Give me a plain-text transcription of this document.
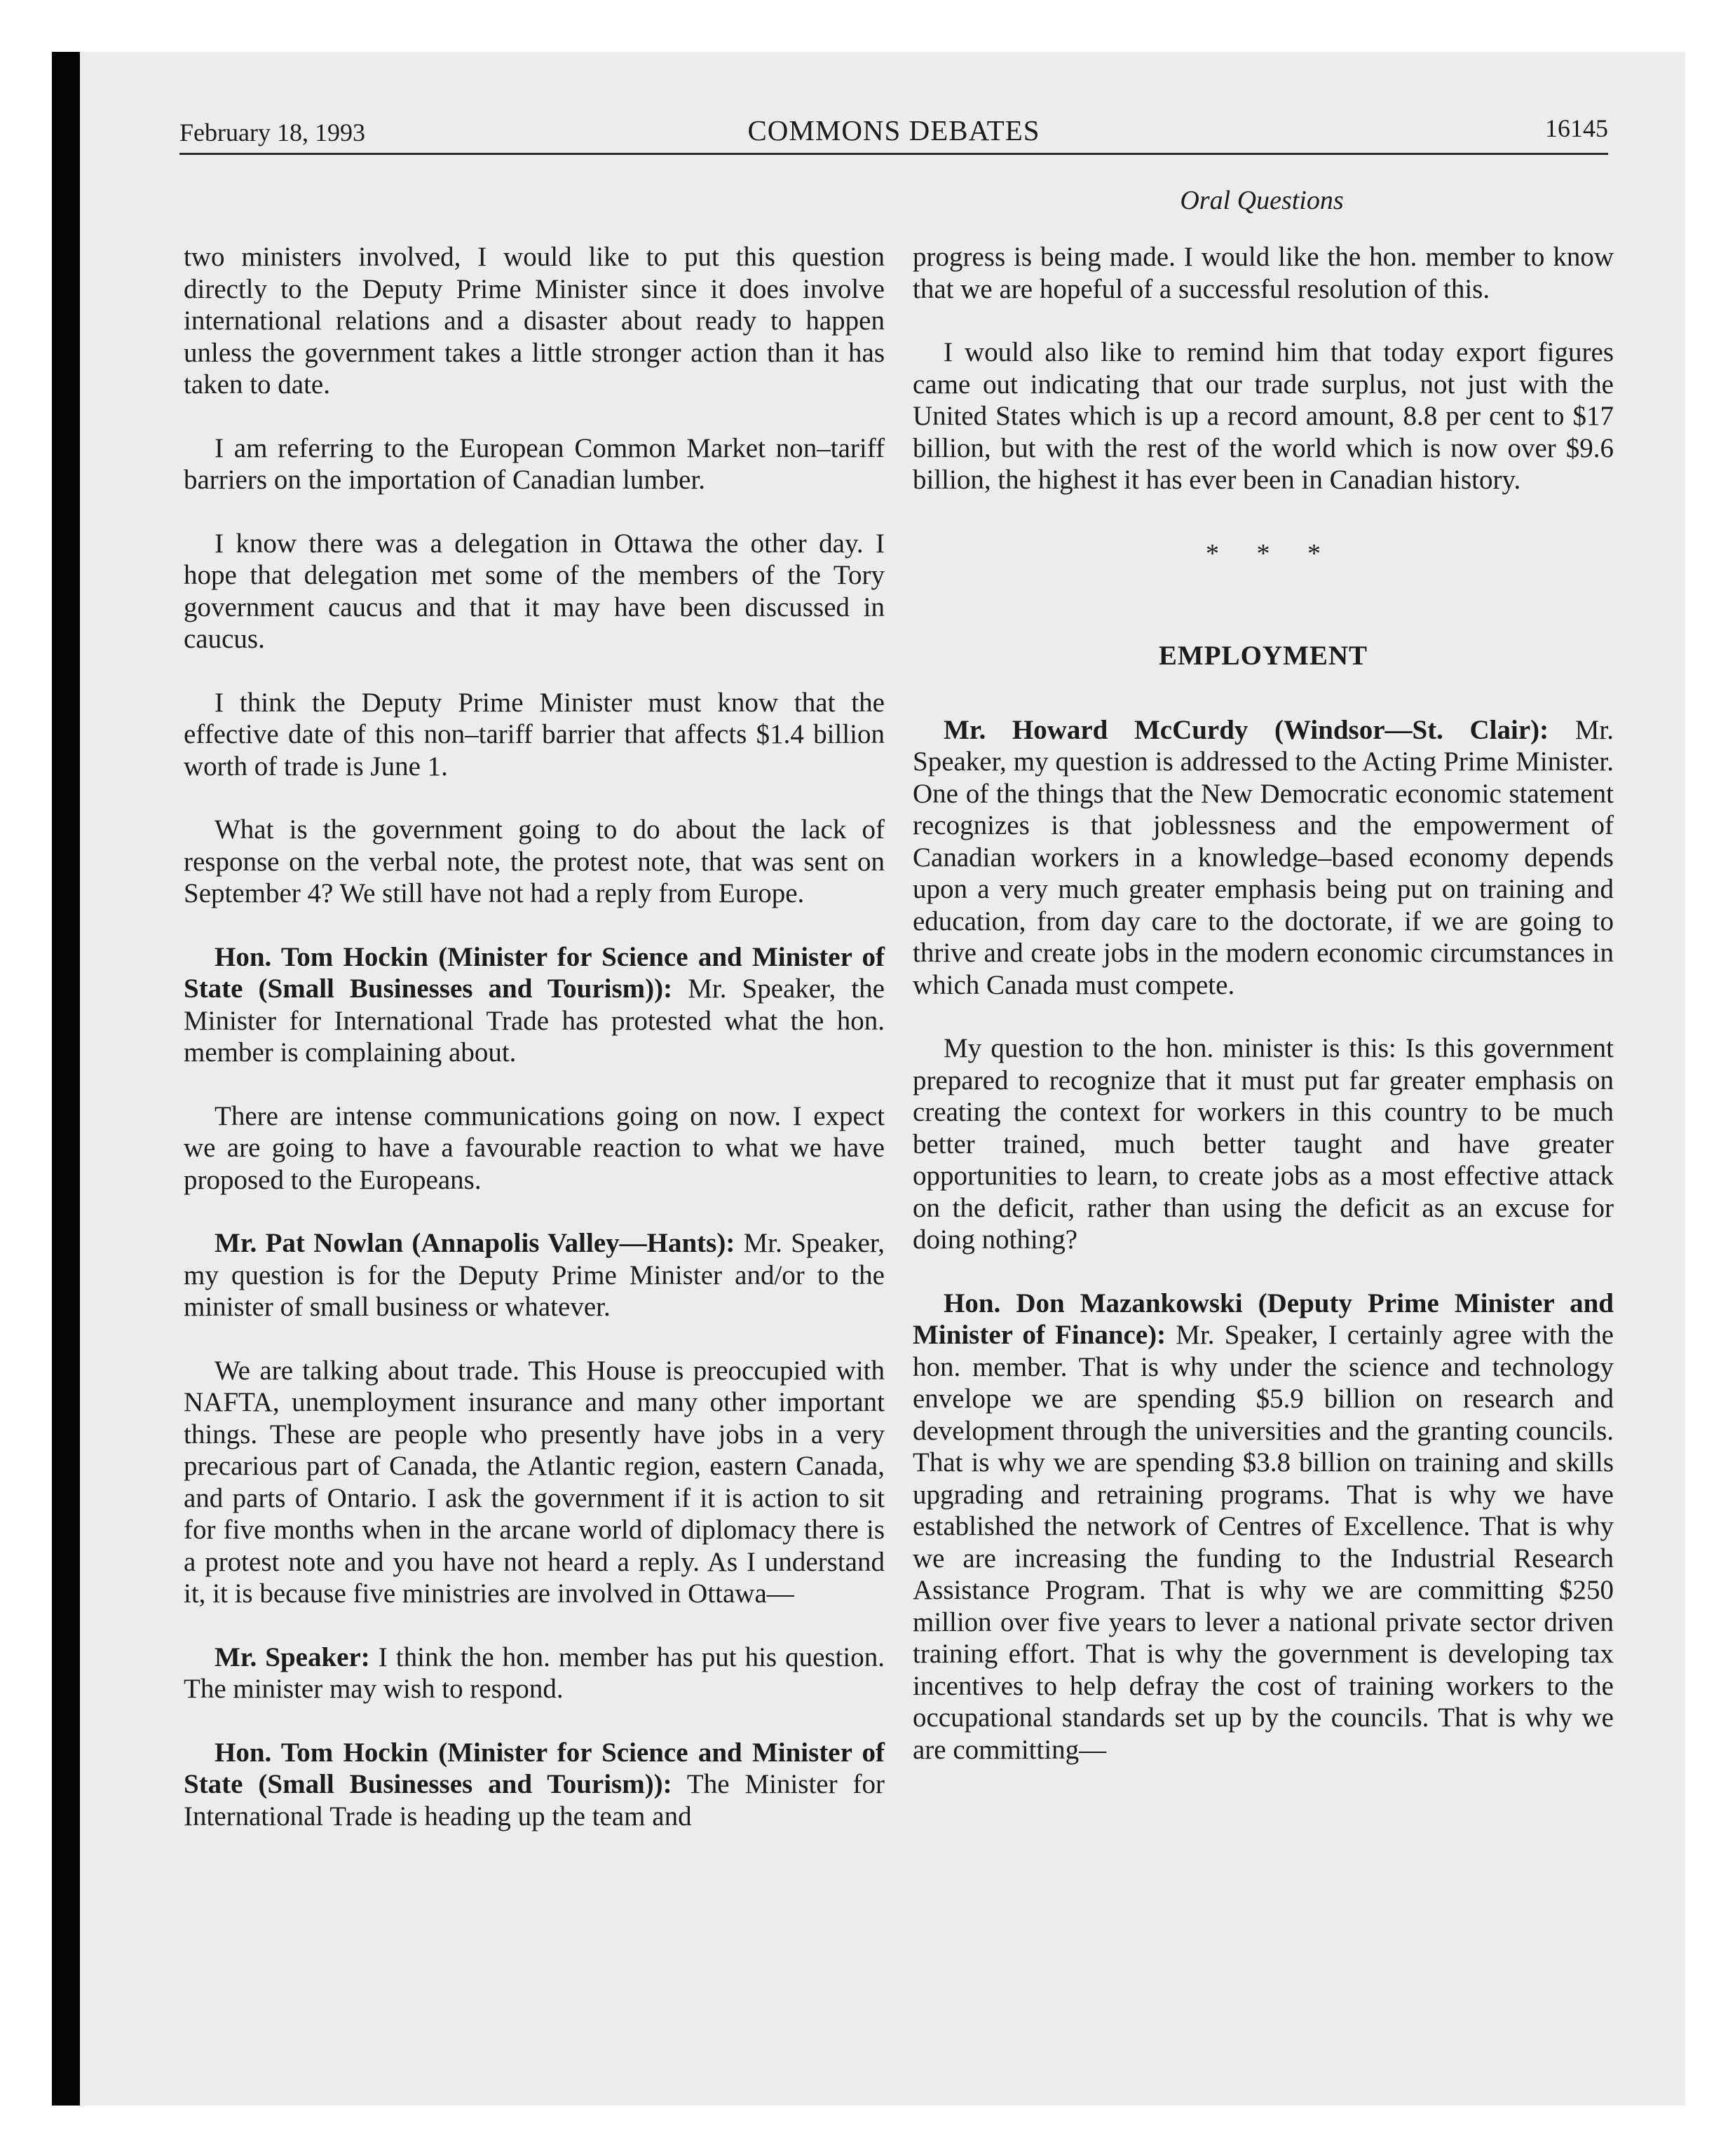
February 18, 1993	COMMONS DEBATES	16145
Oral Questions

two ministers involved, I would like to put this question directly to the Deputy Prime Minister since it does involve international relations and a disaster about ready to happen unless the government takes a little stronger action than it has taken to date.

I am referring to the European Common Market non–tariff barriers on the importation of Canadian lumber.

I know there was a delegation in Ottawa the other day. I hope that delegation met some of the members of the Tory government caucus and that it may have been discussed in caucus.

I think the Deputy Prime Minister must know that the effective date of this non–tariff barrier that affects $1.4 billion worth of trade is June 1.

What is the government going to do about the lack of response on the verbal note, the protest note, that was sent on September 4? We still have not had a reply from Europe.

Hon. Tom Hockin (Minister for Science and Minister of State (Small Businesses and Tourism)): Mr. Speaker, the Minister for International Trade has protested what the hon. member is complaining about.

There are intense communications going on now. I expect we are going to have a favourable reaction to what we have proposed to the Europeans.

Mr. Pat Nowlan (Annapolis Valley—Hants): Mr. Speaker, my question is for the Deputy Prime Minister and/or to the minister of small business or whatever.

We are talking about trade. This House is preoccupied with NAFTA, unemployment insurance and many other important things. These are people who presently have jobs in a very precarious part of Canada, the Atlantic region, eastern Canada, and parts of Ontario. I ask the government if it is action to sit for five months when in the arcane world of diplomacy there is a protest note and you have not heard a reply. As I understand it, it is because five ministries are involved in Ottawa—

Mr. Speaker: I think the hon. member has put his question. The minister may wish to respond.

Hon. Tom Hockin (Minister for Science and Minister of State (Small Businesses and Tourism)): The Minister for International Trade is heading up the team and

progress is being made. I would like the hon. member to know that we are hopeful of a successful resolution of this.

I would also like to remind him that today export figures came out indicating that our trade surplus, not just with the United States which is up a record amount, 8.8 per cent to $17 billion, but with the rest of the world which is now over $9.6 billion, the highest it has ever been in Canadian history.

* * *
EMPLOYMENT

Mr. Howard McCurdy (Windsor—St. Clair): Mr. Speaker, my question is addressed to the Acting Prime Minister. One of the things that the New Democratic economic statement recognizes is that joblessness and the empowerment of Canadian workers in a knowledge–based economy depends upon a very much greater emphasis being put on training and education, from day care to the doctorate, if we are going to thrive and create jobs in the modern economic circumstances in which Canada must compete.

My question to the hon. minister is this: Is this government prepared to recognize that it must put far greater emphasis on creating the context for workers in this country to be much better trained, much better taught and have greater opportunities to learn, to create jobs as a most effective attack on the deficit, rather than using the deficit as an excuse for doing nothing?

Hon. Don Mazankowski (Deputy Prime Minister and Minister of Finance): Mr. Speaker, I certainly agree with the hon. member. That is why under the science and technology envelope we are spending $5.9 billion on research and development through the universities and the granting councils. That is why we are spending $3.8 billion on training and skills upgrading and retraining programs. That is why we have established the network of Centres of Excellence. That is why we are increasing the funding to the Industrial Research Assistance Program. That is why we are committing $250 million over five years to lever a national private sector driven training effort. That is why the government is developing tax incentives to help defray the cost of training workers to the occupational standards set up by the councils. That is why we are committing—
